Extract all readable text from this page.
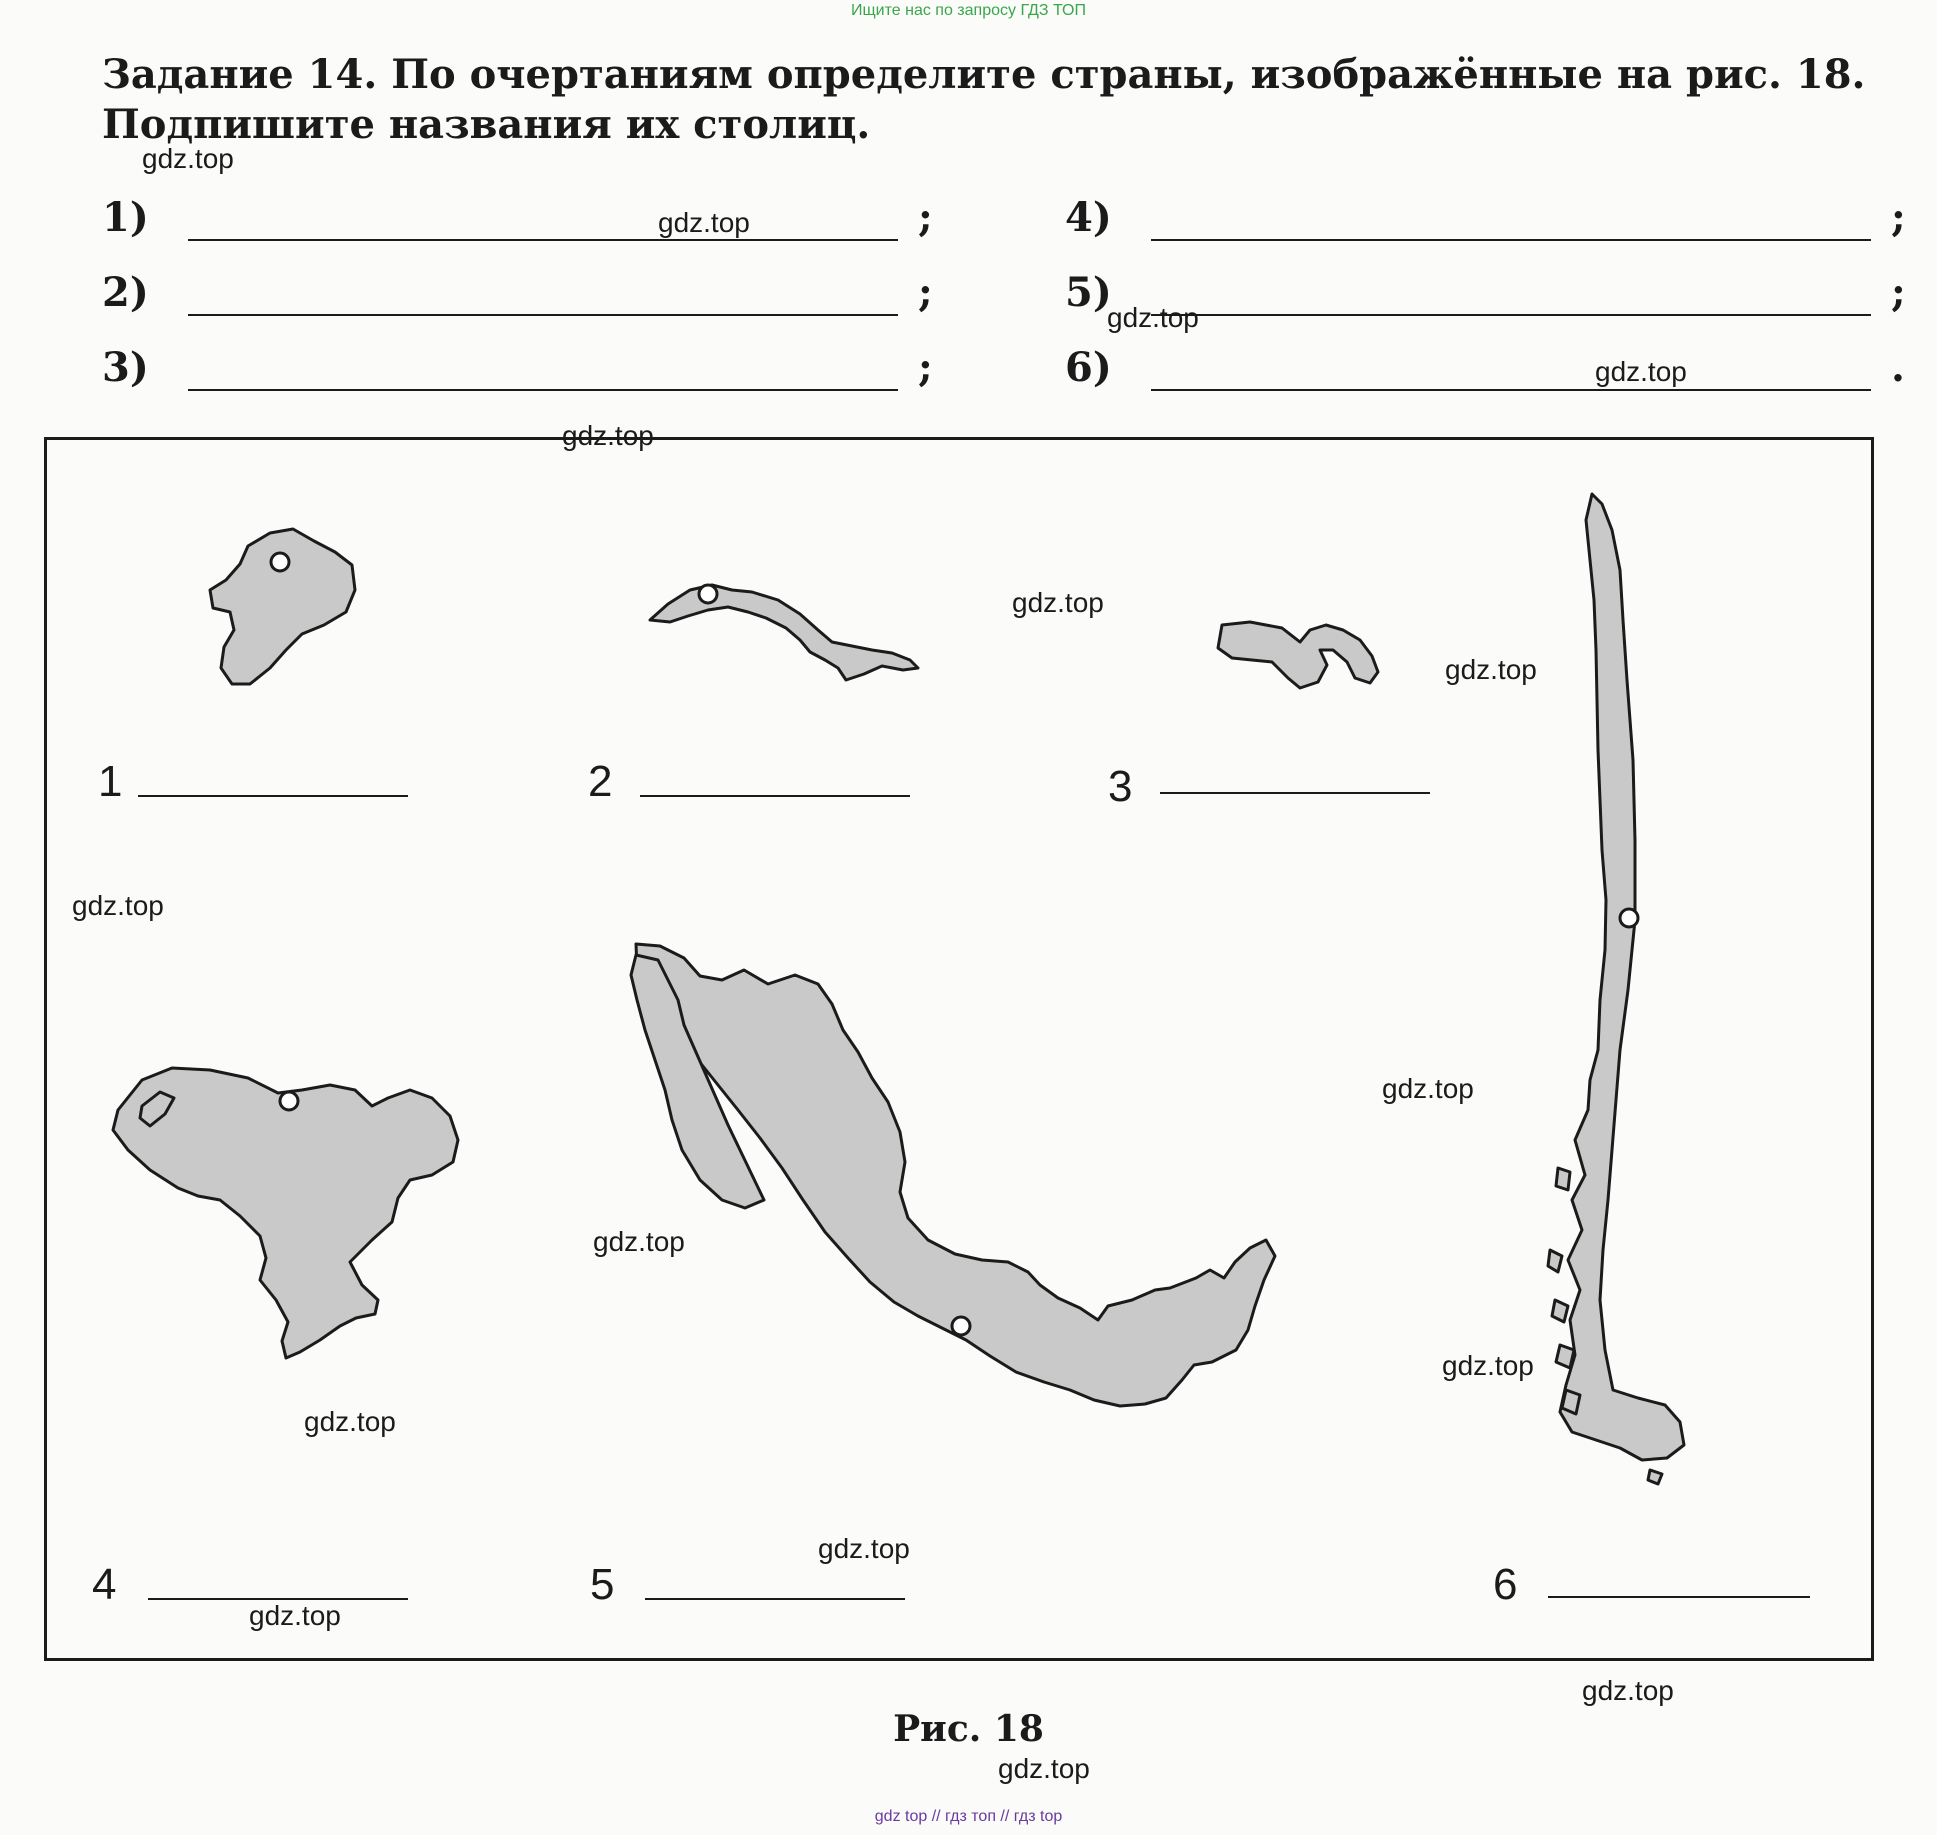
Ищите нас по запросу ГДЗ ТОП
Задание 14. По очертаниям определите страны, изображённые на рис. 18. Подпишите названия их столиц.
1)	;
2)	;
3)	;
4)	;
5)	;
6)	.
1	2	3
4	5	6
Рис. 18
gdz.top
gdz.top
gdz.top
gdz.top
gdz.top
gdz.top
gdz.top
gdz.top
gdz.top
gdz.top
gdz.top
gdz.top
gdz.top
gdz.top
gdz.top
gdz.top
gdz top // гдз топ // гдз top
